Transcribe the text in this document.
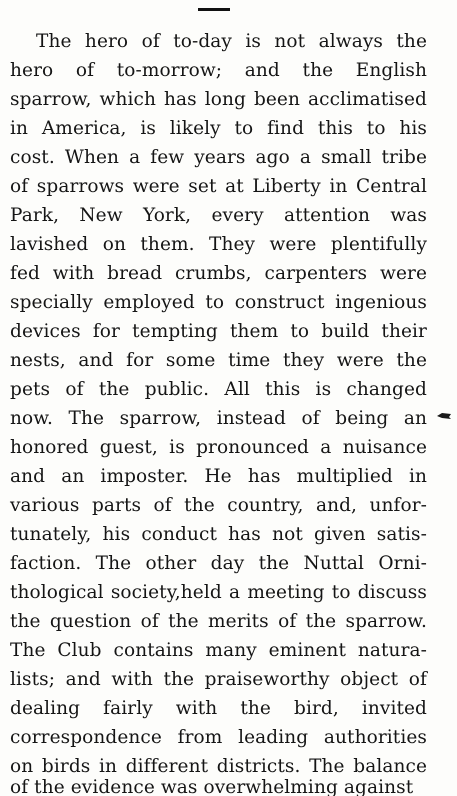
The hero of to-day is not always the
hero of to-morrow; and the English
sparrow, which has long been acclimatised
in America, is likely to find this to his
cost. When a few years ago a small tribe
of sparrows were set at Liberty in Central
Park, New York, every attention was
lavished on them. They were plentifully
fed with bread crumbs, carpenters were
specially employed to construct ingenious
devices for tempting them to build their
nests, and for some time they were the
pets of the public. All this is changed
now. The sparrow, instead of being an
honored guest, is pronounced a nuisance
and an imposter. He has multiplied in
various parts of the country, and, unfor-
tunately, his conduct has not given satis-
faction. The other day the Nuttal Orni-
thological society,held a meeting to discuss
the question of the merits of the sparrow.
The Club contains many eminent natura-
lists; and with the praiseworthy object of
dealing fairly with the bird, invited
correspondence from leading authorities
on birds in different districts. The balance
of the evidence was overwhelming against
